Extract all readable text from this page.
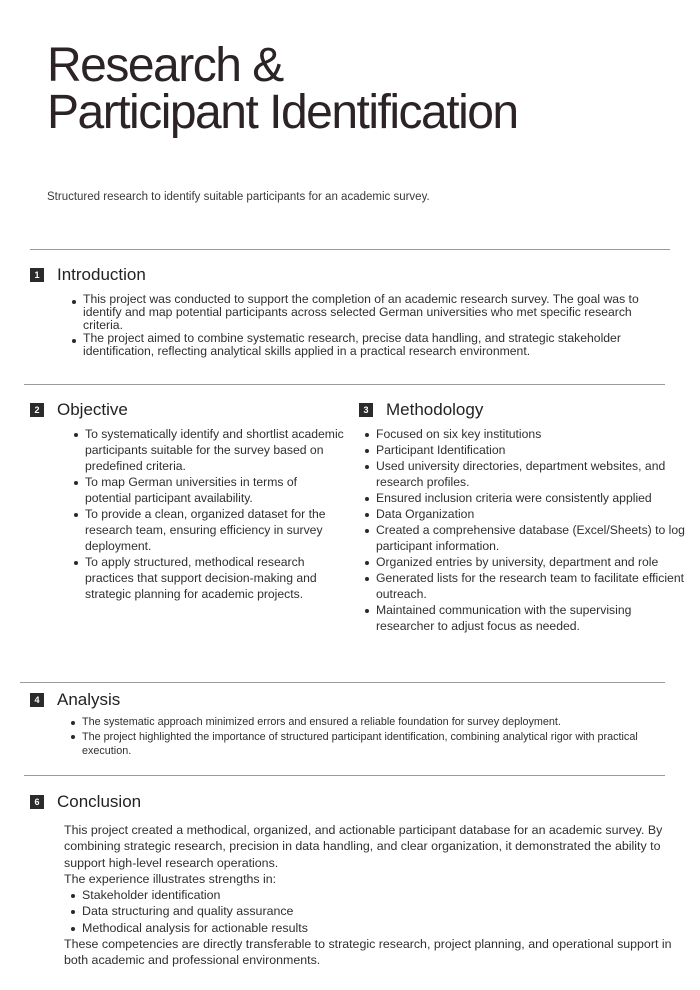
Research &
Participant Identification

Structured research to identify suitable participants for an academic survey.

1 Introduction
This project was conducted to support the completion of an academic research survey. The goal was to identify and map potential participants across selected German universities who met specific research criteria.
The project aimed to combine systematic research, precise data handling, and strategic stakeholder identification, reflecting analytical skills applied in a practical research environment.
2 Objective
To systematically identify and shortlist academic participants suitable for the survey based on predefined criteria.
To map German universities in terms of potential participant availability.
To provide a clean, organized dataset for the research team, ensuring efficiency in survey deployment.
To apply structured, methodical research practices that support decision-making and strategic planning for academic projects.
3 Methodology
Focused on six key institutions
Participant Identification
Used university directories, department websites, and research profiles.
Ensured inclusion criteria were consistently applied
Data Organization
Created a comprehensive database (Excel/Sheets) to log participant information.
Organized entries by university, department and role
Generated lists for the research team to facilitate efficient outreach.
Maintained communication with the supervising researcher to adjust focus as needed.
4 Analysis
The systematic approach minimized errors and ensured a reliable foundation for survey deployment.
The project highlighted the importance of structured participant identification, combining analytical rigor with practical execution.
6 Conclusion

This project created a methodical, organized, and actionable participant database for an academic survey. By combining strategic research, precision in data handling, and clear organization, it demonstrated the ability to support high-level research operations.

The experience illustrates strengths in:

Stakeholder identification
Data structuring and quality assurance
Methodical analysis for actionable results

These competencies are directly transferable to strategic research, project planning, and operational support in both academic and professional environments.
